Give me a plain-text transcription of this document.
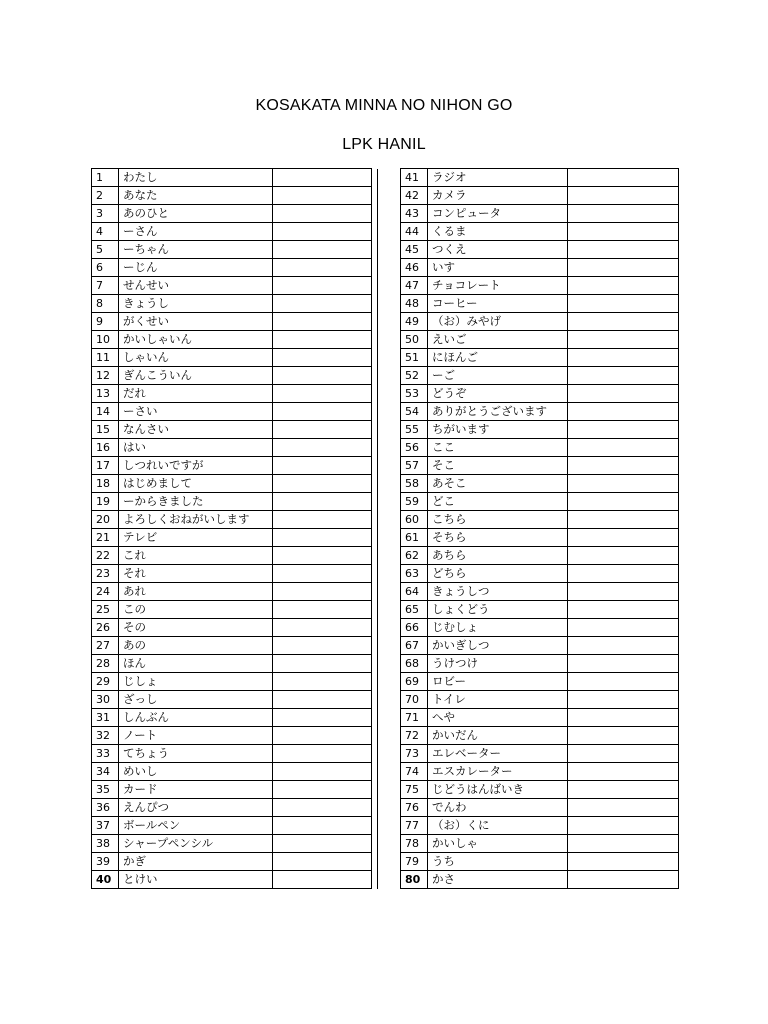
KOSAKATA MINNA NO NIHON GO
LPK HANIL
1	わたし				41	ラジオ	
2	あなた				42	カメラ	
3	あのひと				43	コンピュータ	
4	ーさん				44	くるま	
5	ーちゃん				45	つくえ	
6	ーじん				46	いす	
7	せんせい				47	チョコレート	
8	きょうし				48	コーヒー	
9	がくせい				49	（お）みやげ	
10	かいしゃいん				50	えいご	
11	しゃいん				51	にほんご	
12	ぎんこういん				52	ーご	
13	だれ				53	どうぞ	
14	ーさい				54	ありがとうございます	
15	なんさい				55	ちがいます	
16	はい				56	ここ	
17	しつれいですが				57	そこ	
18	はじめまして				58	あそこ	
19	ーからきました				59	どこ	
20	よろしくおねがいします				60	こちら	
21	テレビ				61	そちら	
22	これ				62	あちら	
23	それ				63	どちら	
24	あれ				64	きょうしつ	
25	この				65	しょくどう	
26	その				66	じむしょ	
27	あの				67	かいぎしつ	
28	ほん				68	うけつけ	
29	じしょ				69	ロビー	
30	ざっし				70	トイレ	
31	しんぶん				71	へや	
32	ノート				72	かいだん	
33	てちょう				73	エレベーター	
34	めいし				74	エスカレーター	
35	カード				75	じどうはんばいき	
36	えんぴつ				76	でんわ	
37	ボールペン				77	（お）くに	
38	シャープペンシル				78	かいしゃ	
39	かぎ				79	うち	
40	とけい				80	かさ	
